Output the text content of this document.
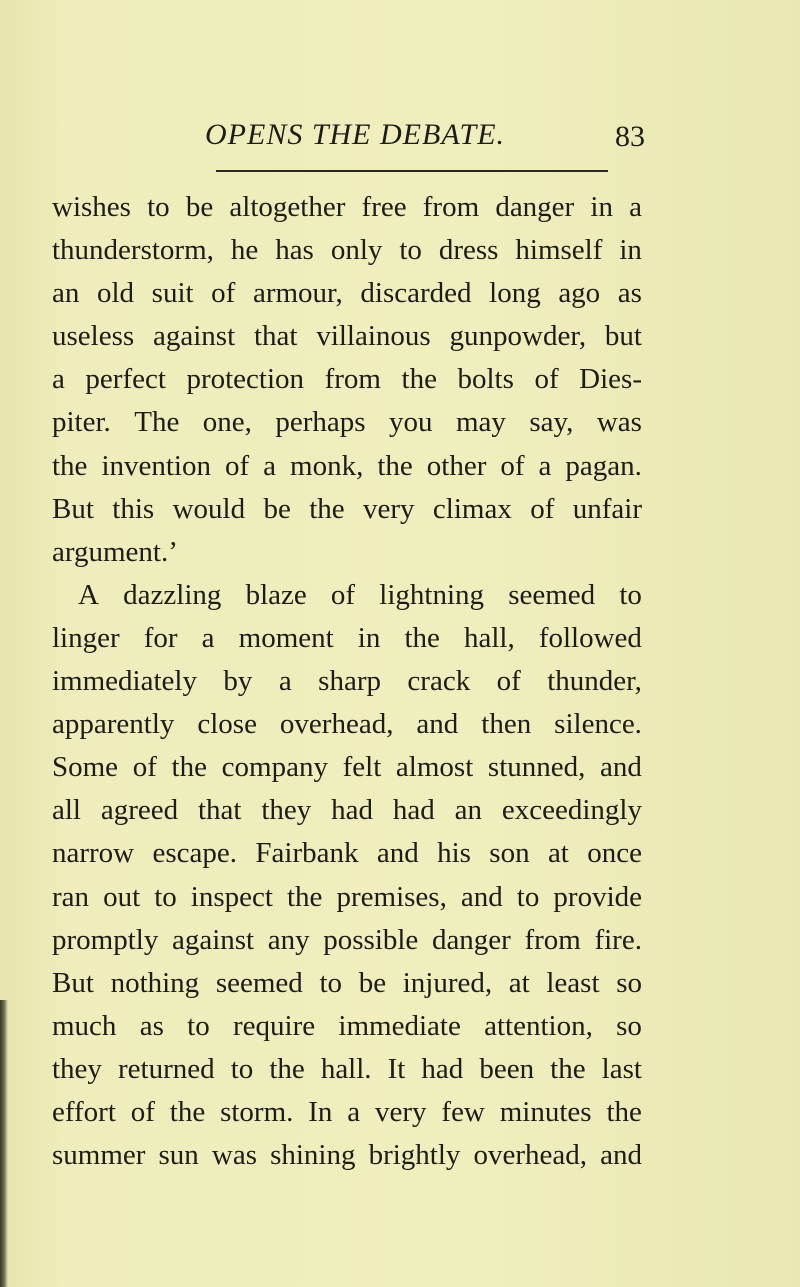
OPENS THE DEBATE.	83
wishes to be altogether free from danger in a
thunderstorm, he has only to dress himself in
an old suit of armour, discarded long ago as
useless against that villainous gunpowder, but
a perfect protection from the bolts of Dies-
piter. The one, perhaps you may say, was
the invention of a monk, the other of a pagan.
But this would be the very climax of unfair
argument.’
A dazzling blaze of lightning seemed to
linger for a moment in the hall, followed
immediately by a sharp crack of thunder,
apparently close overhead, and then silence.
Some of the company felt almost stunned, and
all agreed that they had had an exceedingly
narrow escape. Fairbank and his son at once
ran out to inspect the premises, and to provide
promptly against any possible danger from fire.
But nothing seemed to be injured, at least so
much as to require immediate attention, so
they returned to the hall. It had been the last
effort of the storm. In a very few minutes the
summer sun was shining brightly overhead, and
